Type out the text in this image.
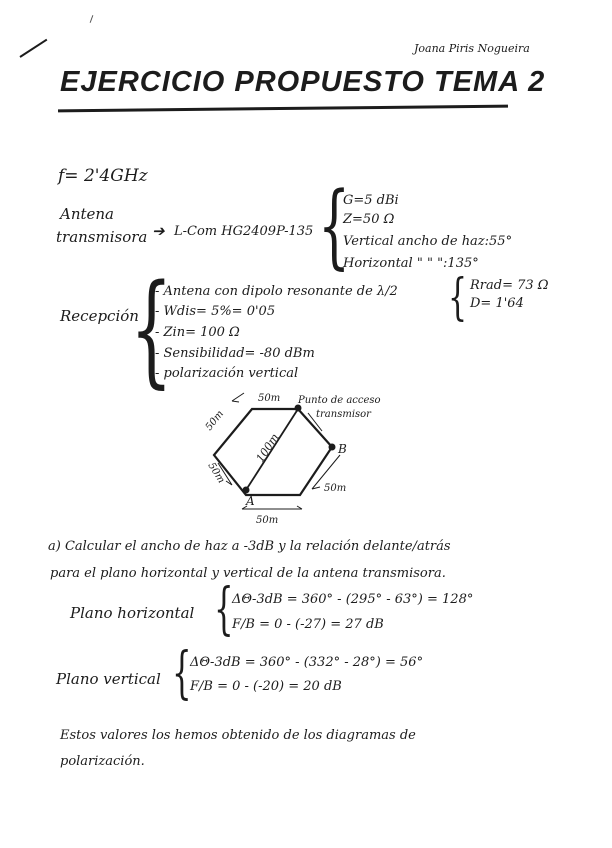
Joana Piris Nogueira
EJERCICIO PROPUESTO TEMA 2
f= 2'4GHz
Antena
transmisora ➔ L-Com HG2409P-135 {
G=5 dBi
Z=50 Ω
Vertical ancho de haz:55°
Horizontal " " ":135°
Recepción
{
- Antena con dipolo resonante de λ/2
- Wdis= 5%= 0'05
- Zin= 100 Ω
- Sensibilidad= -80 dBm
- polarización vertical
{ Rrad= 73 Ω
D= 1'64
50m
50m
50m
50m
50m
100m
Punto de acceso
transmisor
B
A
a) Calcular el ancho de haz a -3dB y la relación delante/atrás
para el plano horizontal y vertical de la antena transmisora.
Plano horizontal {
ΔΘ-3dB = 360° - (295° - 63°) = 128°
F/B = 0 - (-27) = 27 dB
Plano vertical {
ΔΘ-3dB = 360° - (332° - 28°) = 56°
F/B = 0 - (-20) = 20 dB
Estos valores los hemos obtenido de los diagramas de
polarización.
